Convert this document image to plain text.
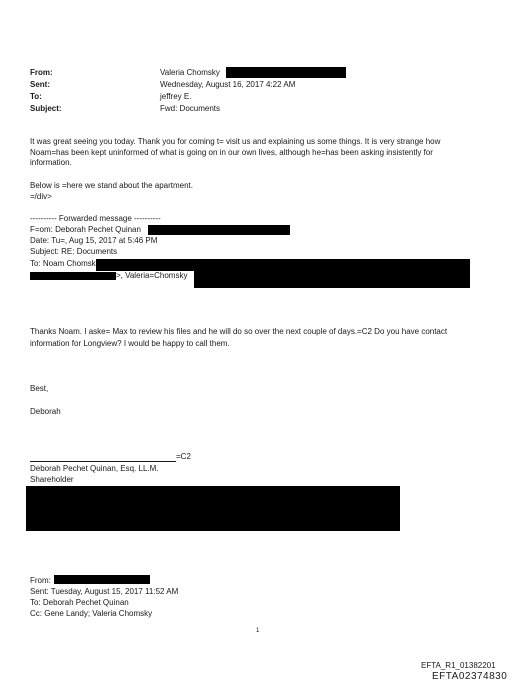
From:	Valeria Chomsky
Sent:	Wednesday, August 16, 2017 4:22 AM
To:	jeffrey E.
Subject:	Fwd: Documents
It was great seeing you today. Thank you for coming t= visit us and explaining us some things. It is very strange how Noam=has been kept uninformed of what is going on in our own lives, although he=has been asking insistently for information.
Below is =here we stand about the apartment.
=/div>
---------- Forwarded message ----------
F=om: Deborah Pechet Quinan
Date: Tu=, Aug 15, 2017 at 5:46 PM
Subject: RE: Documents
To: Noam Chomsk
>, Valeria=Chomsky
Thanks Noam. I aske= Max to review his files and he will do so over the next couple of days.=C2 Do you have contact
information for Longview? I would be happy to call them.
Best,
Deborah
=C2
Deborah Pechet Quinan, Esq. LL.M.
Shareholder
From:
Sent: Tuesday, August 15, 2017 11:52 AM
To: Deborah Pechet Quinan
Cc: Gene Landy; Valeria Chomsky
1
EFTA_R1_01382201
EFTA02374830
